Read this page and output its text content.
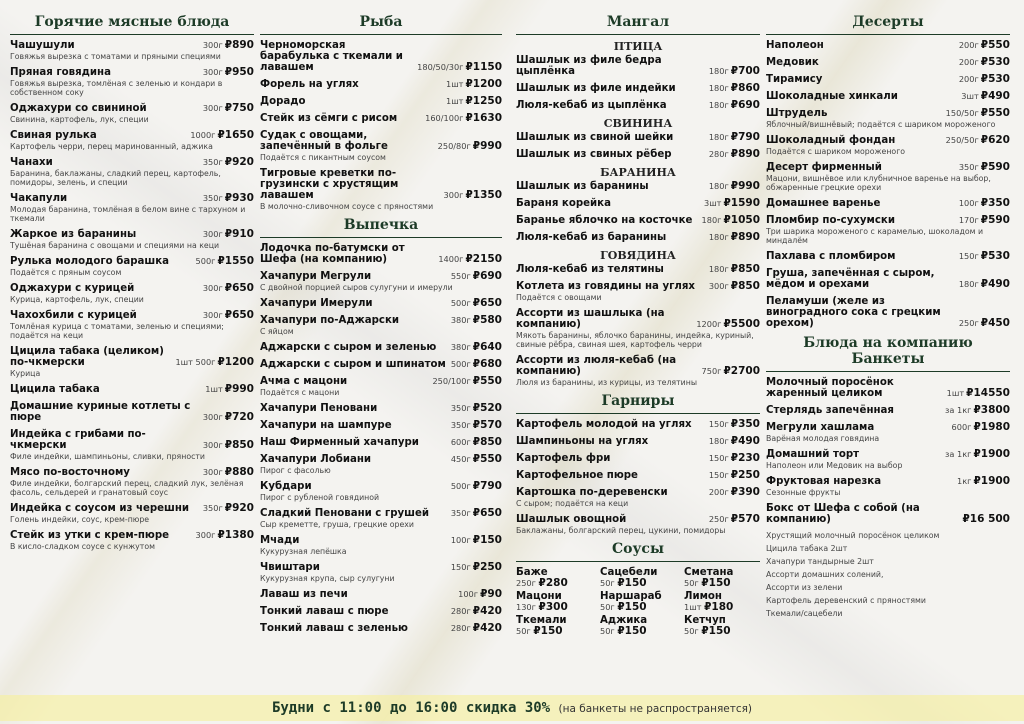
Горячие мясные блюда
Чашушули	300г ₽890
Говяжья вырезка с томатами и пряными специями
Пряная говядина	300г ₽950
Говяжья вырезка, томлёная с зеленью и кондари в собственном соку
Оджахури со свининой	300г ₽750
Свинина, картофель, лук, специи
Свиная рулька	1000г ₽1650
Картофель черри, перец маринованный, аджика
Чанахи	350г ₽920
Баранина, баклажаны, сладкий перец, картофель, помидоры, зелень, и специи
Чакапули	350г ₽930
Молодая баранина, томлёная в белом вине с тархуном и ткемали
Жаркое из баранины	300г ₽910
Тушёная баранина с овощами и специями на кеци
Рулька молодого барашка	500г ₽1550
Подаётся с пряным соусом
Оджахури с курицей	300г ₽650
Курица, картофель, лук, специи
Чахохбили с курицей	300г ₽650
Томлёная курица с томатами, зеленью и специями; подаётся на кеци
Цицила табака (целиком) по-чкмерски	1шт 500г ₽1200
Курица
Цицила табака	1шт ₽990
Домашние куриные котлеты с пюре	300г ₽720
Индейка с грибами по-чкмерски	300г ₽850
Филе индейки, шампиньоны, сливки, пряности
Мясо по-восточному	300г ₽880
Филе индейки, болгарский перец, сладкий лук, зелёная фасоль, сельдерей и гранатовый соус
Индейка с соусом из черешни	350г ₽920
Голень индейки, соус, крем-пюре
Стейк из утки с крем-пюре	300г ₽1380
В кисло-сладком соусе с кунжутом
Рыба
Черноморская барабулька с ткемали и лавашем	180/50/30г ₽1150
Форель на углях	1шт ₽1200
Дорадо	1шт ₽1250
Стейк из сёмги с рисом	160/100г ₽1630
Судак с овощами, запечённый в фольге	250/80г ₽990
Подаётся с пикантным соусом
Тигровые креветки по-грузински с хрустящим лавашем	300г ₽1350
В молочно-сливочном соусе с пряностями
Выпечка
Лодочка по-батумски от Шефа (на компанию)	1400г ₽2150
Хачапури Мегрули	550г ₽690
С двойной порцией сыров сулугуни и имерули
Хачапури Имерули	500г ₽650
Хачапури по-Аджарски	380г ₽580
С яйцом
Аджарски с сыром и зеленью	380г ₽640
Аджарски с сыром и шпинатом 500г ₽680
Ачма с мацони	250/100г ₽550
Подаётся с мацони
Хачапури Пеновани	350г ₽520
Хачапури на шампуре	350г ₽570
Наш Фирменный хачапури	600г ₽850
Хачапури Лобиани	450г ₽550
Пирог с фасолью
Кубдари	500г ₽790
Пирог с рубленой говядиной
Сладкий Пеновани с грушей	350г ₽650
Сыр креметте, груша, грецкие орехи
Мчади	100г ₽150
Кукурузная лепёшка
Чвиштари	150г ₽250
Кукурузная крупа, сыр сулугуни
Лаваш из печи	100г ₽90
Тонкий лаваш с пюре	280г ₽420
Тонкий лаваш с зеленью	280г ₽420
Мангал
ПТИЦА
Шашлык из филе бедра цыплёнка	180г ₽700
Шашлык из филе индейки	180г ₽860
Люля-кебаб из цыплёнка	180г ₽690
СВИНИНА
Шашлык из свиной шейки	180г ₽790
Шашлык из свиных рёбер	280г ₽890
БАРАНИНА
Шашлык из баранины	180г ₽990
Бараня корейка	3шт ₽1590
Баранье яблочко на косточке	180г ₽1050
Люля-кебаб из баранины	180г ₽890
ГОВЯДИНА
Люля-кебаб из телятины	180г ₽850
Котлета из говядины на углях	300г ₽850
Подаётся с овощами
Ассорти из шашлыка (на компанию)	1200г ₽5500
Мякоть баранины, яблочко баранины, индейка, куриный, свиные рёбра, свиная шея, картофель черри
Ассорти из люля-кебаб (на компанию)	750г ₽2700
Люля из баранины, из курицы, из телятины
Гарниры
Картофель молодой на углях	150г ₽350
Шампиньоны на углях	180г ₽490
Картофель фри	150г ₽230
Картофельное пюре	150г ₽250
Картошка по-деревенски	200г ₽390
С сыром; подаётся на кеци
Шашлык овощной	250г ₽570
Баклажаны, болгарский перец, цукини, помидоры
Соусы
Баже
250г ₽280
Сацебели
50г ₽150
Сметана
50г ₽150
Мацони
130г ₽300
Наршараб
50г ₽150
Лимон
1шт ₽180
Ткемали
50г ₽150
Аджика
50г ₽150
Кетчуп
50г ₽150
Десерты
Наполеон	200г ₽550
Медовик	200г ₽530
Тирамису	200г ₽530
Шоколадные хинкали	3шт ₽490
Штрудель	150/50г ₽550
Яблочный/вишнёвый; подаётся с шариком мороженого
Шоколадный фондан	250/50г ₽620
Подаётся с шариком мороженого
Десерт фирменный	350г ₽590
Мацони, вишнёвое или клубничное варенье на выбор, обжаренные грецкие орехи
Домашнее варенье	100г ₽350
Пломбир по-сухумски	170г ₽590
Три шарика мороженого с карамелью, шоколадом и миндалём
Пахлава с пломбиром	150г ₽530
Груша, запечённая с сыром, мёдом и орехами	180г ₽490
Пеламуши (желе из виноградного сока с грецким орехом)	250г ₽450
Блюда на компанию Банкеты
Молочный поросёнок жаренный целиком	1шт ₽14550
Стерлядь запечённая	за 1кг ₽3800
Мегрули хашлама	600г ₽1980
Варёная молодая говядина
Домашний торт	за 1кг ₽1900
Наполеон или Медовик на выбор
Фруктовая нарезка	1кг ₽1900
Сезонные фрукты
Бокс от Шефа с собой (на компанию)	₽16 500
Хрустящий молочный поросёнок целиком
Цицила табака 2шт
Хачапури тандырные 2шт
Ассорти домашних солений,
Ассорти из зелени
Картофель деревенский с пряностями
Ткемали/сацебели
Будни с 11:00 до 16:00 скидка 30% (на банкеты не распространяется)
